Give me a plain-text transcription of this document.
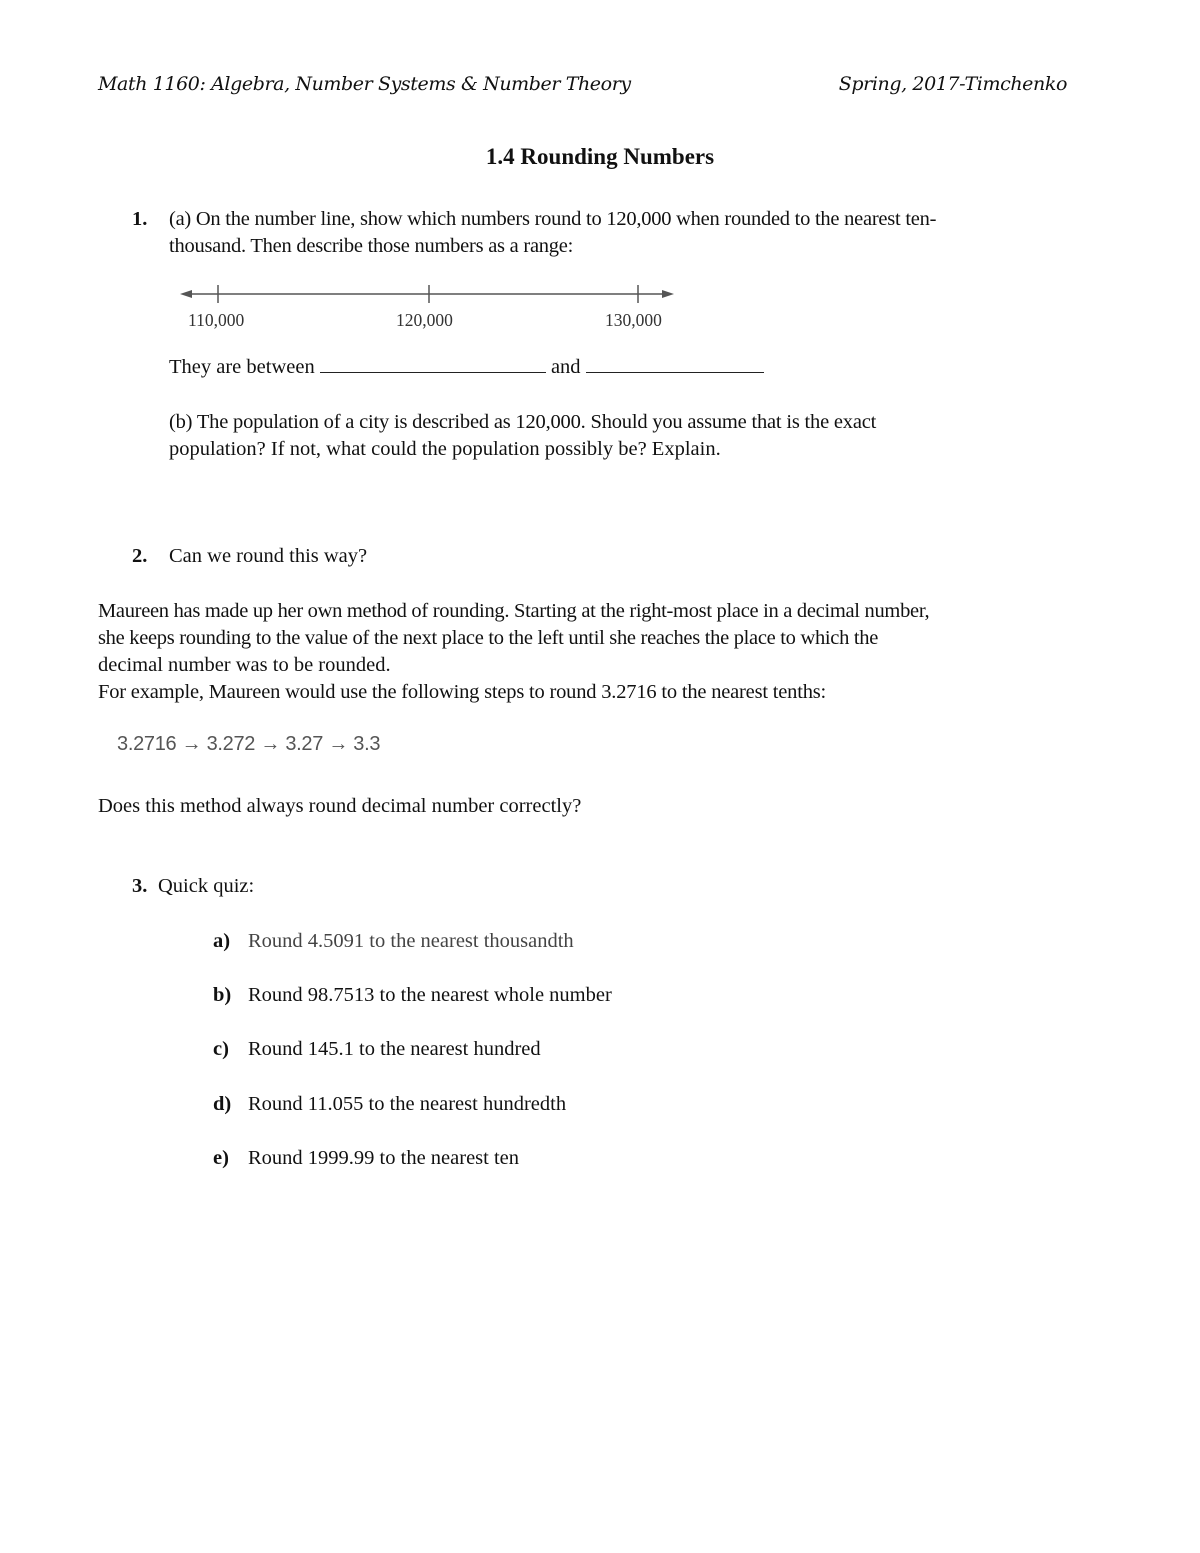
Math 1160: Algebra, Number Systems & Number Theory	Spring, 2017-Timchenko
1.4 Rounding Numbers
1. (a) On the number line, show which numbers round to 120,000 when rounded to the nearest ten-
thousand. Then describe those numbers as a range:
110,000	120,000	130,000
They are between	and
(b) The population of a city is described as 120,000. Should you assume that is the exact
population? If not, what could the population possibly be? Explain.
2. Can we round this way?
Maureen has made up her own method of rounding. Starting at the right-most place in a decimal number,
she keeps rounding to the value of the next place to the left until she reaches the place to which the
decimal number was to be rounded.
For example, Maureen would use the following steps to round 3.2716 to the nearest tenths:
3.2716 → 3.272 → 3.27 → 3.3
Does this method always round decimal number correctly?
3. Quick quiz:
a) Round 4.5091 to the nearest thousandth
b) Round 98.7513 to the nearest whole number
c) Round 145.1 to the nearest hundred
d) Round 11.055 to the nearest hundredth
e) Round 1999.99 to the nearest ten
